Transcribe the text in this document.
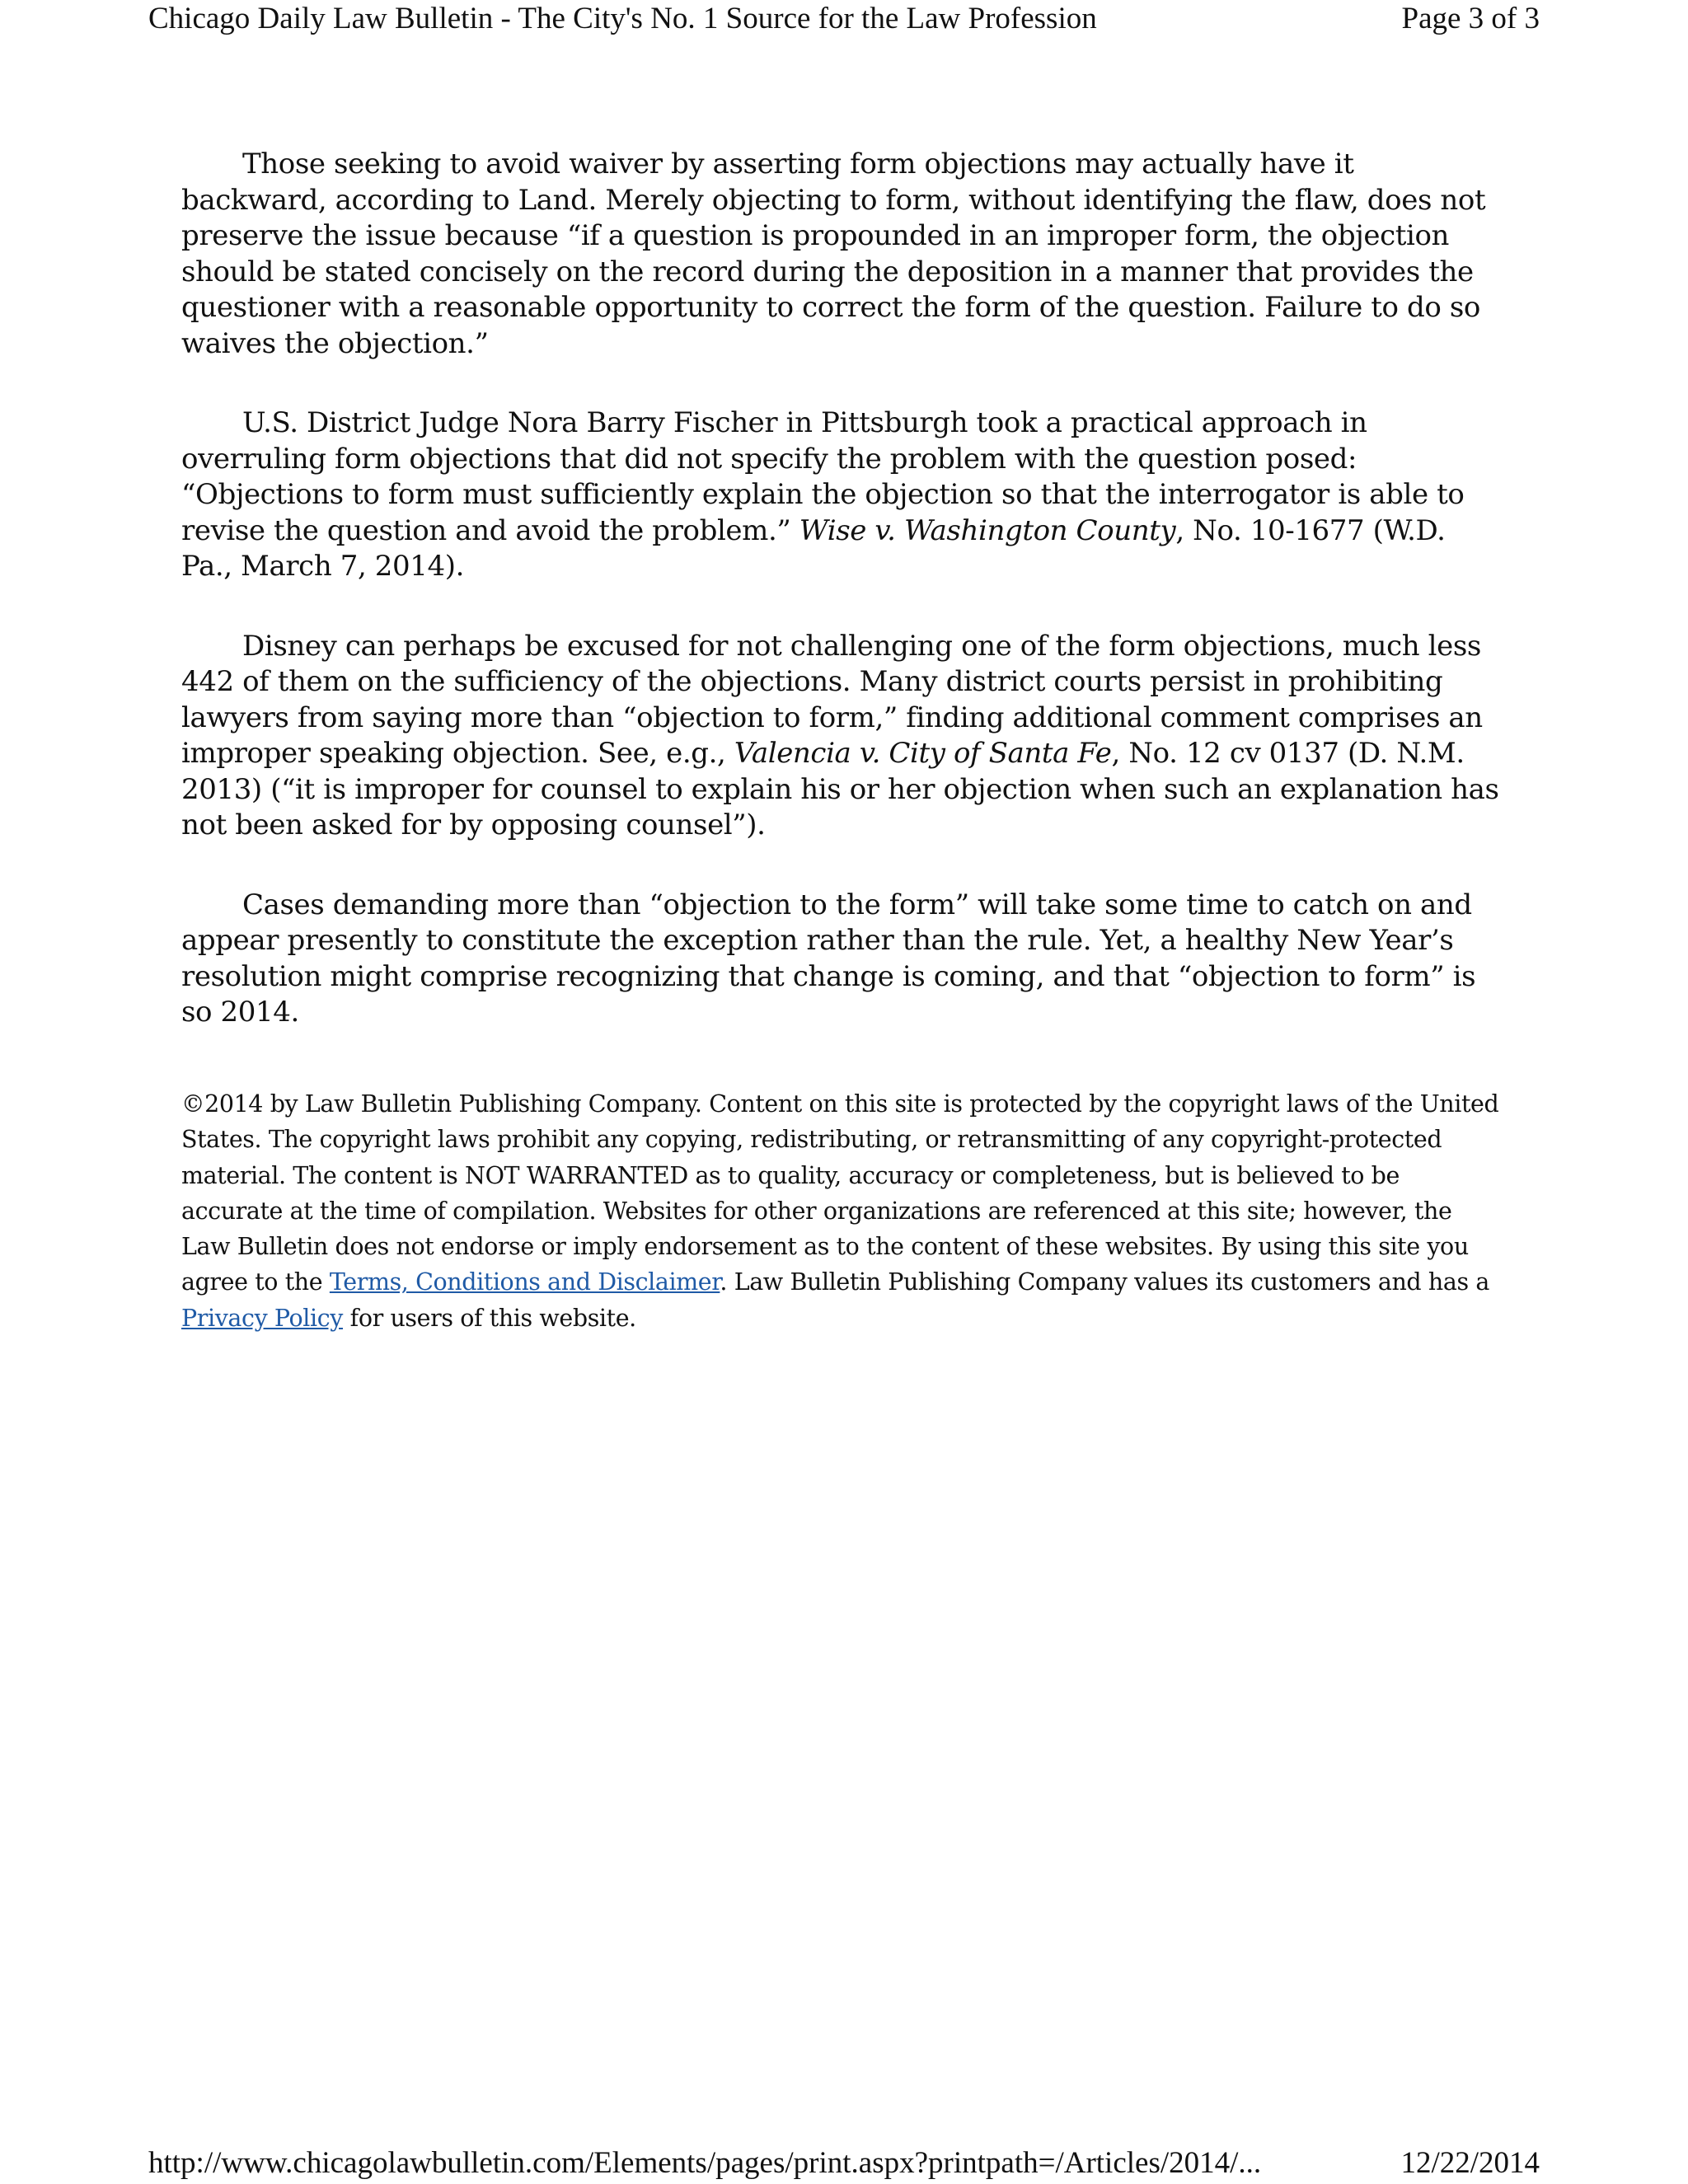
Chicago Daily Law Bulletin - The City's No. 1 Source for the Law Profession	Page 3 of 3

Those seeking to avoid waiver by asserting form objections may actually have it backward, according to Land. Merely objecting to form, without identifying the flaw, does not preserve the issue because “if a question is propounded in an improper form, the objection should be stated concisely on the record during the deposition in a manner that provides the questioner with a reasonable opportunity to correct the form of the question. Failure to do so waives the objection.”

U.S. District Judge Nora Barry Fischer in Pittsburgh took a practical approach in overruling form objections that did not specify the problem with the question posed: “Objections to form must sufficiently explain the objection so that the interrogator is able to revise the question and avoid the problem.” Wise v. Washington County, No. 10-1677 (W.D. Pa., March 7, 2014).

Disney can perhaps be excused for not challenging one of the form objections, much less 442 of them on the sufficiency of the objections. Many district courts persist in prohibiting lawyers from saying more than “objection to form,” finding additional comment comprises an improper speaking objection. See, e.g., Valencia v. City of Santa Fe, No. 12 cv 0137 (D. N.M. 2013) (“it is improper for counsel to explain his or her objection when such an explanation has not been asked for by opposing counsel”).

Cases demanding more than “objection to the form” will take some time to catch on and appear presently to constitute the exception rather than the rule. Yet, a healthy New Year’s resolution might comprise recognizing that change is coming, and that “objection to form” is so 2014.

©2014 by Law Bulletin Publishing Company. Content on this site is protected by the copyright laws of the United States. The copyright laws prohibit any copying, redistributing, or retransmitting of any copyright-protected material. The content is NOT WARRANTED as to quality, accuracy or completeness, but is believed to be accurate at the time of compilation. Websites for other organizations are referenced at this site; however, the Law Bulletin does not endorse or imply endorsement as to the content of these websites. By using this site you agree to the Terms, Conditions and Disclaimer. Law Bulletin Publishing Company values its customers and has a Privacy Policy for users of this website.

http://www.chicagolawbulletin.com/Elements/pages/print.aspx?printpath=/Articles/2014/...	12/22/2014
